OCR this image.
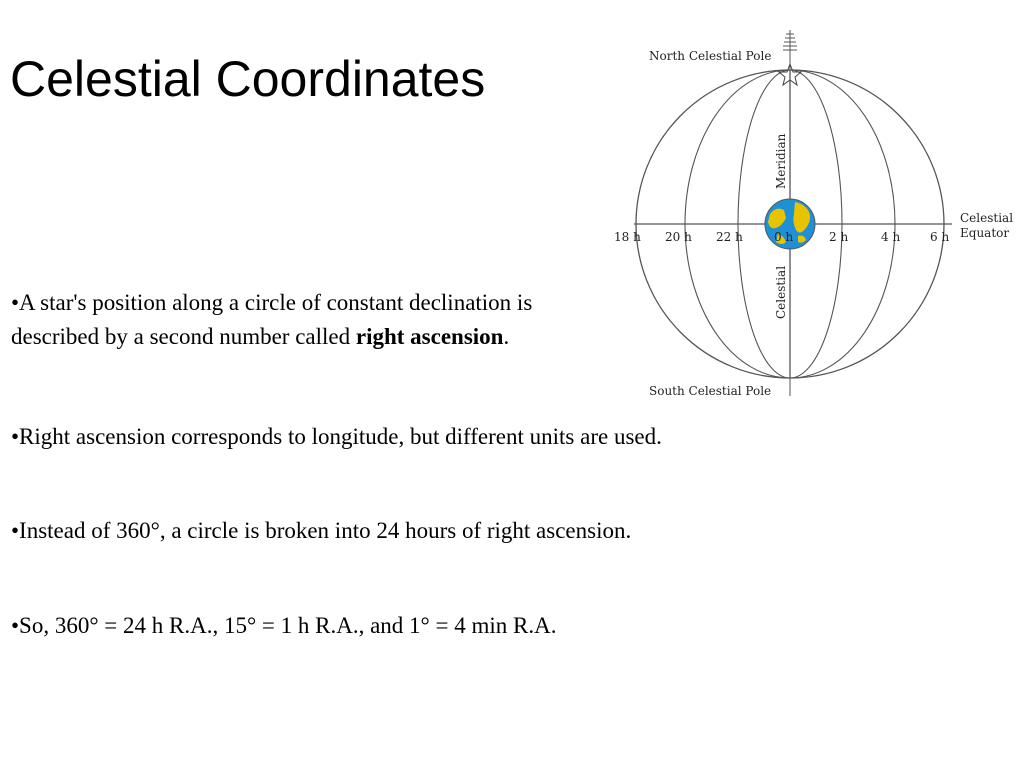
Celestial Coordinates
•A star's position along a circle of constant declination is described by a second number called right ascension.
•Right ascension corresponds to longitude, but different units are used.
•Instead of 360°, a circle is broken into 24 hours of right ascension.
•So, 360° = 24 h R.A., 15° = 1 h R.A., and 1° = 4 min R.A.
North Celestial Pole
South Celestial Pole
Celestial
Equator
Meridian
Celestial
18 h 20 h 22 h	0 h	2 h	4 h 6 h
